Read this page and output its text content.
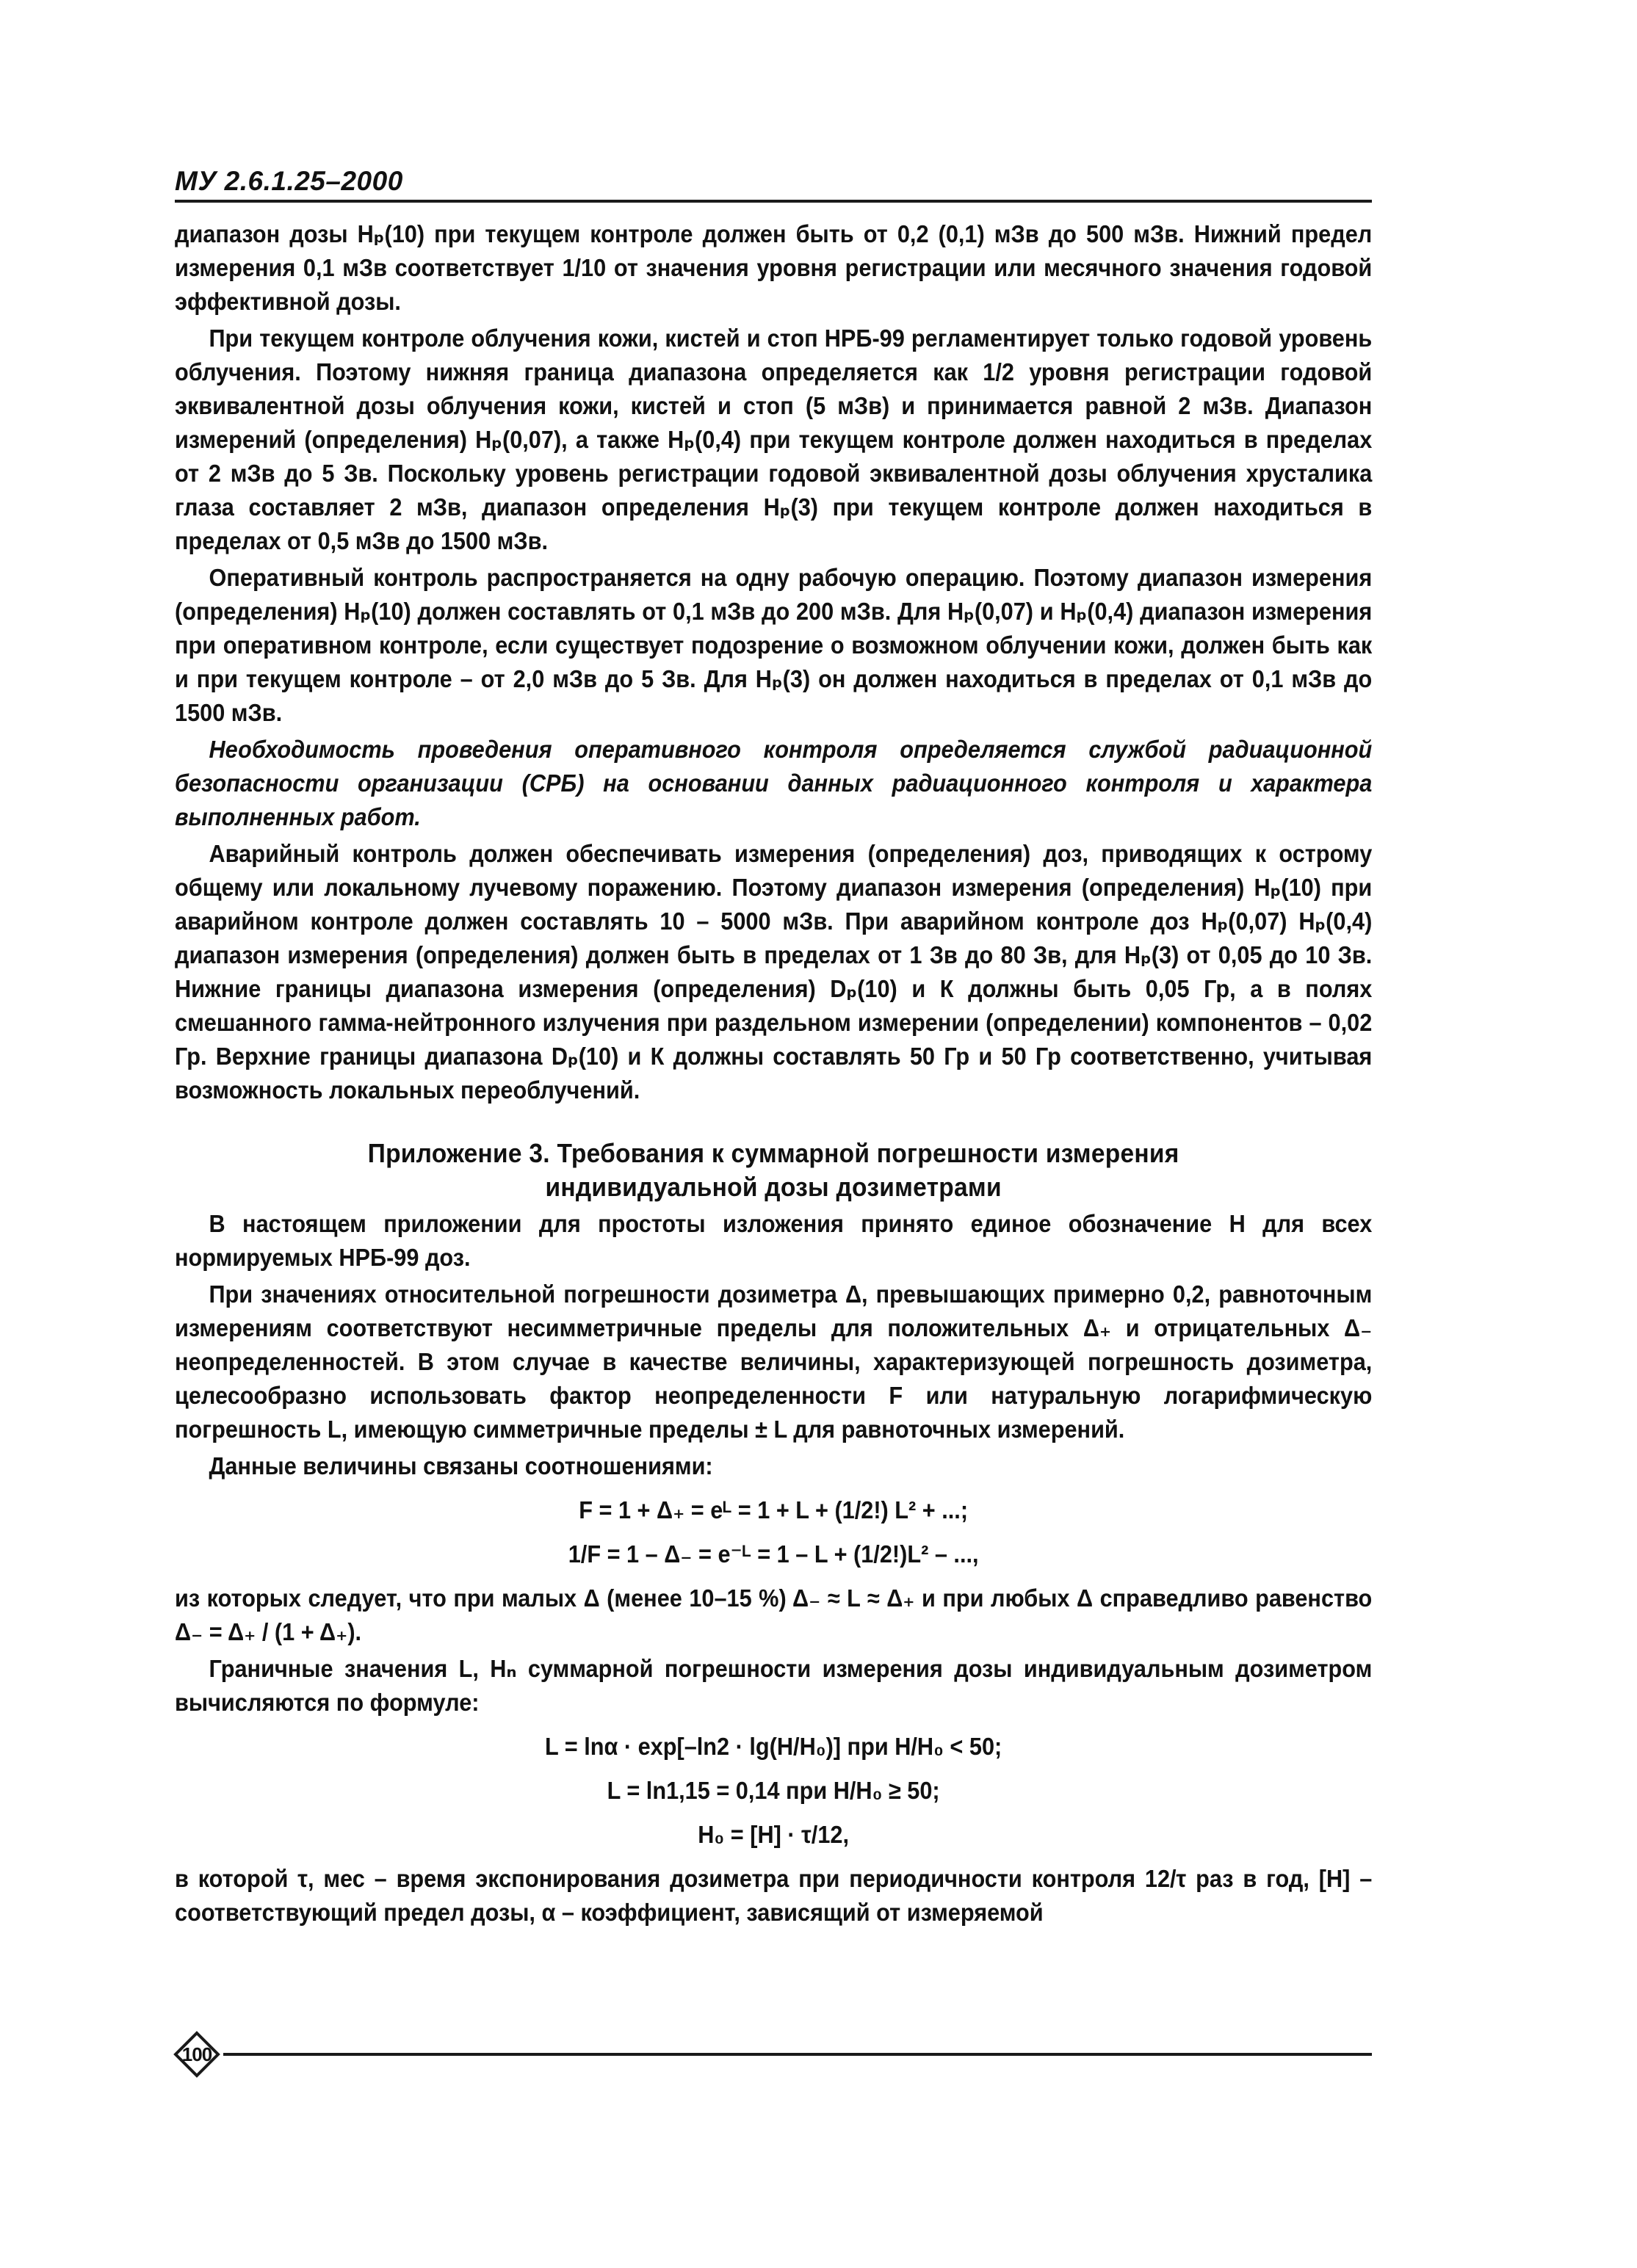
МУ 2.6.1.25–2000

диапазон дозы Hₚ(10) при текущем контроле должен быть от 0,2 (0,1) мЗв до 500 мЗв. Нижний предел измерения 0,1 мЗв соответствует 1/10 от значения уровня регистрации или месячного значения годовой эффективной дозы.

При текущем контроле облучения кожи, кистей и стоп НРБ-99 регламентирует только годовой уровень облучения. Поэтому нижняя граница диапазона определяется как 1/2 уровня регистрации годовой эквивалентной дозы облучения кожи, кистей и стоп (5 мЗв) и принимается равной 2 мЗв. Диапазон измерений (определения) Hₚ(0,07), а также Hₚ(0,4) при текущем контроле должен находиться в пределах от 2 мЗв до 5 Зв. Поскольку уровень регистрации годовой эквивалентной дозы облучения хрусталика глаза составляет 2 мЗв, диапазон определения Hₚ(3) при текущем контроле должен находиться в пределах от 0,5 мЗв до 1500 мЗв.

Оперативный контроль распространяется на одну рабочую операцию. Поэтому диапазон измерения (определения) Hₚ(10) должен составлять от 0,1 мЗв до 200 мЗв. Для Hₚ(0,07) и Hₚ(0,4) диапазон измерения при оперативном контроле, если существует подозрение о возможном облучении кожи, должен быть как и при текущем контроле – от 2,0 мЗв до 5 Зв. Для Hₚ(3) он должен находиться в пределах от 0,1 мЗв до 1500 мЗв.

Необходимость проведения оперативного контроля определяется службой радиационной безопасности организации (СРБ) на основании данных радиационного контроля и характера выполненных работ.

Аварийный контроль должен обеспечивать измерения (определения) доз, приводящих к острому общему или локальному лучевому поражению. Поэтому диапазон измерения (определения) Hₚ(10) при аварийном контроле должен составлять 10 – 5000 мЗв. При аварийном контроле доз Hₚ(0,07) Hₚ(0,4) диапазон измерения (определения) должен быть в пределах от 1 Зв до 80 Зв, для Hₚ(3) от 0,05 до 10 Зв. Нижние границы диапазона измерения (определения) Dₚ(10) и К должны быть 0,05 Гр, а в полях смешанного гамма-нейтронного излучения при раздельном измерении (определении) компонентов – 0,02 Гр. Верхние границы диапазона Dₚ(10) и К должны составлять 50 Гр и 50 Гр соответственно, учитывая возможность локальных переоблучений.

Приложение 3. Требования к суммарной погрешности измерения
индивидуальной дозы дозиметрами

В настоящем приложении для простоты изложения принято единое обозначение Н для всех нормируемых НРБ-99 доз.

При значениях относительной погрешности дозиметра Δ, превышающих примерно 0,2, равноточным измерениям соответствуют несимметричные пределы для положительных Δ₊ и отрицательных Δ₋ неопределенностей. В этом случае в качестве величины, характеризующей погрешность дозиметра, целесообразно использовать фактор неопределенности F или натуральную логарифмическую погрешность L, имеющую симметричные пределы ± L для равноточных измерений.

Данные величины связаны соотношениями:

F = 1 + Δ₊ = eᴸ = 1 + L + (1/2!) L² + ...;

1/F = 1 – Δ₋ = e⁻ᴸ = 1 – L + (1/2!)L² – ...,

из которых следует, что при малых Δ (менее 10–15 %) Δ₋ ≈ L ≈ Δ₊ и при любых Δ справедливо равенство Δ₋ = Δ₊ / (1 + Δ₊).

Граничные значения L, Hₙ суммарной погрешности измерения дозы индивидуальным дозиметром вычисляются по формуле:

L = lnα · exp[–ln2 · lg(H/H₀)] при H/H₀ < 50;

L = ln1,15 = 0,14 при H/H₀ ≥ 50;

H₀ = [H] · τ/12,

в которой τ, мес – время экспонирования дозиметра при периодичности контроля 12/τ раз в год, [H] – соответствующий предел дозы, α – коэффициент, зависящий от измеряемой

100
